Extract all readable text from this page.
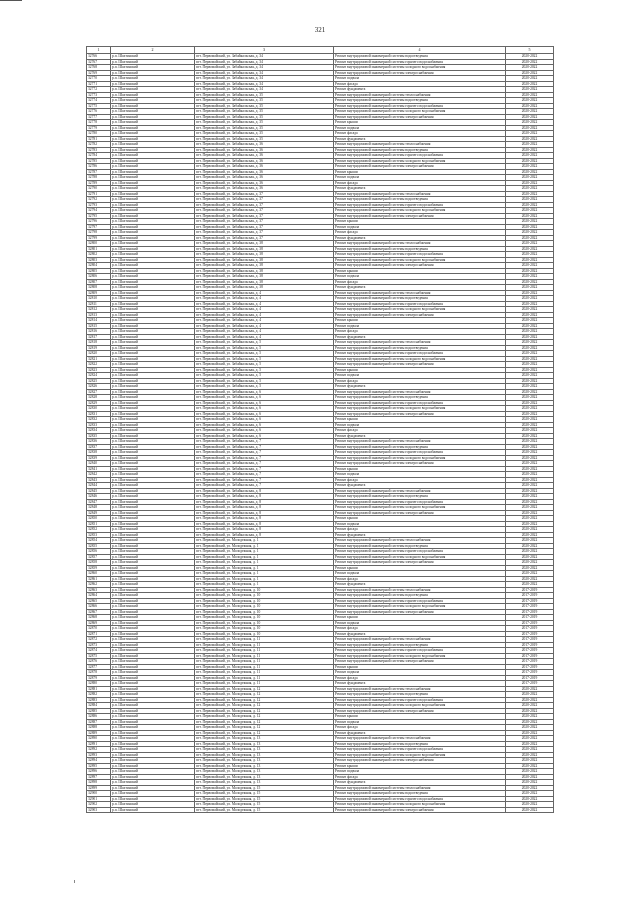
321
1	2	3	4	5
32766	р.п. Шахтинский	пгт. Первомайский, ул. Забайкальская, д. 34	Ремонт внутридомовой инженерной системы водоотведения	2020-2022
32767	р.п. Шахтинский	пгт. Первомайский, ул. Забайкальская, д. 34	Ремонт внутридомовой инженерной системы горячего водоснабжения	2020-2022
32768	р.п. Шахтинский	пгт. Первомайский, ул. Забайкальская, д. 34	Ремонт внутридомовой инженерной системы холодного водоснабжения	2020-2022
32769	р.п. Шахтинский	пгт. Первомайский, ул. Забайкальская, д. 34	Ремонт внутридомовой инженерной системы электроснабжения	2020-2022
32770	р.п. Шахтинский	пгт. Первомайский, ул. Забайкальская, д. 34	Ремонт подвала	2020-2022
32771	р.п. Шахтинский	пгт. Первомайский, ул. Забайкальская, д. 34	Ремонт фасада	2020-2022
32772	р.п. Шахтинский	пгт. Первомайский, ул. Забайкальская, д. 34	Ремонт фундамента	2020-2022
32773	р.п. Шахтинский	пгт. Первомайский, ул. Забайкальская, д. 35	Ремонт внутридомовой инженерной системы теплоснабжения	2020-2022
32774	р.п. Шахтинский	пгт. Первомайский, ул. Забайкальская, д. 35	Ремонт внутридомовой инженерной системы водоотведения	2020-2022
32775	р.п. Шахтинский	пгт. Первомайский, ул. Забайкальская, д. 35	Ремонт внутридомовой инженерной системы горячего водоснабжения	2020-2022
32776	р.п. Шахтинский	пгт. Первомайский, ул. Забайкальская, д. 35	Ремонт внутридомовой инженерной системы холодного водоснабжения	2020-2022
32777	р.п. Шахтинский	пгт. Первомайский, ул. Забайкальская, д. 35	Ремонт внутридомовой инженерной системы электроснабжения	2020-2022
32778	р.п. Шахтинский	пгт. Первомайский, ул. Забайкальская, д. 35	Ремонт крыши	2020-2022
32779	р.п. Шахтинский	пгт. Первомайский, ул. Забайкальская, д. 35	Ремонт подвала	2020-2022
32780	р.п. Шахтинский	пгт. Первомайский, ул. Забайкальская, д. 35	Ремонт фасада	2020-2022
32781	р.п. Шахтинский	пгт. Первомайский, ул. Забайкальская, д. 35	Ремонт фундамента	2020-2022
32782	р.п. Шахтинский	пгт. Первомайский, ул. Забайкальская, д. 36	Ремонт внутридомовой инженерной системы теплоснабжения	2020-2022
32783	р.п. Шахтинский	пгт. Первомайский, ул. Забайкальская, д. 36	Ремонт внутридомовой инженерной системы водоотведения	2020-2022
32784	р.п. Шахтинский	пгт. Первомайский, ул. Забайкальская, д. 36	Ремонт внутридомовой инженерной системы горячего водоснабжения	2020-2022
32785	р.п. Шахтинский	пгт. Первомайский, ул. Забайкальская, д. 36	Ремонт внутридомовой инженерной системы холодного водоснабжения	2020-2022
32786	р.п. Шахтинский	пгт. Первомайский, ул. Забайкальская, д. 36	Ремонт внутридомовой инженерной системы электроснабжения	2020-2022
32787	р.п. Шахтинский	пгт. Первомайский, ул. Забайкальская, д. 36	Ремонт крыши	2020-2022
32788	р.п. Шахтинский	пгт. Первомайский, ул. Забайкальская, д. 36	Ремонт подвала	2020-2022
32789	р.п. Шахтинский	пгт. Первомайский, ул. Забайкальская, д. 36	Ремонт фасада	2020-2022
32790	р.п. Шахтинский	пгт. Первомайский, ул. Забайкальская, д. 36	Ремонт фундамента	2020-2022
32791	р.п. Шахтинский	пгт. Первомайский, ул. Забайкальская, д. 37	Ремонт внутридомовой инженерной системы теплоснабжения	2020-2022
32792	р.п. Шахтинский	пгт. Первомайский, ул. Забайкальская, д. 37	Ремонт внутридомовой инженерной системы водоотведения	2020-2022
32793	р.п. Шахтинский	пгт. Первомайский, ул. Забайкальская, д. 37	Ремонт внутридомовой инженерной системы горячего водоснабжения	2020-2022
32794	р.п. Шахтинский	пгт. Первомайский, ул. Забайкальская, д. 37	Ремонт внутридомовой инженерной системы холодного водоснабжения	2020-2022
32795	р.п. Шахтинский	пгт. Первомайский, ул. Забайкальская, д. 37	Ремонт внутридомовой инженерной системы электроснабжения	2020-2022
32796	р.п. Шахтинский	пгт. Первомайский, ул. Забайкальская, д. 37	Ремонт крыши	2020-2022
32797	р.п. Шахтинский	пгт. Первомайский, ул. Забайкальская, д. 37	Ремонт подвала	2020-2022
32798	р.п. Шахтинский	пгт. Первомайский, ул. Забайкальская, д. 37	Ремонт фасада	2020-2022
32799	р.п. Шахтинский	пгт. Первомайский, ул. Забайкальская, д. 37	Ремонт фундамента	2020-2022
32800	р.п. Шахтинский	пгт. Первомайский, ул. Забайкальская, д. 38	Ремонт внутридомовой инженерной системы теплоснабжения	2020-2022
32801	р.п. Шахтинский	пгт. Первомайский, ул. Забайкальская, д. 38	Ремонт внутридомовой инженерной системы водоотведения	2020-2022
32802	р.п. Шахтинский	пгт. Первомайский, ул. Забайкальская, д. 38	Ремонт внутридомовой инженерной системы горячего водоснабжения	2020-2022
32803	р.п. Шахтинский	пгт. Первомайский, ул. Забайкальская, д. 38	Ремонт внутридомовой инженерной системы холодного водоснабжения	2020-2022
32804	р.п. Шахтинский	пгт. Первомайский, ул. Забайкальская, д. 38	Ремонт внутридомовой инженерной системы электроснабжения	2020-2022
32805	р.п. Шахтинский	пгт. Первомайский, ул. Забайкальская, д. 38	Ремонт крыши	2020-2022
32806	р.п. Шахтинский	пгт. Первомайский, ул. Забайкальская, д. 38	Ремонт подвала	2020-2022
32807	р.п. Шахтинский	пгт. Первомайский, ул. Забайкальская, д. 38	Ремонт фасада	2020-2022
32808	р.п. Шахтинский	пгт. Первомайский, ул. Забайкальская, д. 38	Ремонт фундамента	2020-2022
32809	р.п. Шахтинский	пгт. Первомайский, ул. Забайкальская, д. 4	Ремонт внутридомовой инженерной системы теплоснабжения	2020-2022
32810	р.п. Шахтинский	пгт. Первомайский, ул. Забайкальская, д. 4	Ремонт внутридомовой инженерной системы водоотведения	2020-2022
32811	р.п. Шахтинский	пгт. Первомайский, ул. Забайкальская, д. 4	Ремонт внутридомовой инженерной системы горячего водоснабжения	2020-2022
32812	р.п. Шахтинский	пгт. Первомайский, ул. Забайкальская, д. 4	Ремонт внутридомовой инженерной системы холодного водоснабжения	2020-2022
32813	р.п. Шахтинский	пгт. Первомайский, ул. Забайкальская, д. 4	Ремонт внутридомовой инженерной системы электроснабжения	2020-2022
32814	р.п. Шахтинский	пгт. Первомайский, ул. Забайкальская, д. 4	Ремонт крыши	2020-2022
32815	р.п. Шахтинский	пгт. Первомайский, ул. Забайкальская, д. 4	Ремонт подвала	2020-2022
32816	р.п. Шахтинский	пгт. Первомайский, ул. Забайкальская, д. 4	Ремонт фасада	2020-2022
32817	р.п. Шахтинский	пгт. Первомайский, ул. Забайкальская, д. 4	Ремонт фундамента	2020-2022
32818	р.п. Шахтинский	пгт. Первомайский, ул. Забайкальская, д. 5	Ремонт внутридомовой инженерной системы теплоснабжения	2020-2022
32819	р.п. Шахтинский	пгт. Первомайский, ул. Забайкальская, д. 5	Ремонт внутридомовой инженерной системы водоотведения	2020-2022
32820	р.п. Шахтинский	пгт. Первомайский, ул. Забайкальская, д. 5	Ремонт внутридомовой инженерной системы горячего водоснабжения	2020-2022
32821	р.п. Шахтинский	пгт. Первомайский, ул. Забайкальская, д. 5	Ремонт внутридомовой инженерной системы холодного водоснабжения	2020-2022
32822	р.п. Шахтинский	пгт. Первомайский, ул. Забайкальская, д. 5	Ремонт внутридомовой инженерной системы электроснабжения	2020-2022
32823	р.п. Шахтинский	пгт. Первомайский, ул. Забайкальская, д. 5	Ремонт крыши	2020-2022
32824	р.п. Шахтинский	пгт. Первомайский, ул. Забайкальская, д. 5	Ремонт подвала	2020-2022
32825	р.п. Шахтинский	пгт. Первомайский, ул. Забайкальская, д. 5	Ремонт фасада	2020-2022
32826	р.п. Шахтинский	пгт. Первомайский, ул. Забайкальская, д. 5	Ремонт фундамента	2020-2022
32827	р.п. Шахтинский	пгт. Первомайский, ул. Забайкальская, д. 6	Ремонт внутридомовой инженерной системы теплоснабжения	2020-2022
32828	р.п. Шахтинский	пгт. Первомайский, ул. Забайкальская, д. 6	Ремонт внутридомовой инженерной системы водоотведения	2020-2022
32829	р.п. Шахтинский	пгт. Первомайский, ул. Забайкальская, д. 6	Ремонт внутридомовой инженерной системы горячего водоснабжения	2020-2022
32830	р.п. Шахтинский	пгт. Первомайский, ул. Забайкальская, д. 6	Ремонт внутридомовой инженерной системы холодного водоснабжения	2020-2022
32831	р.п. Шахтинский	пгт. Первомайский, ул. Забайкальская, д. 6	Ремонт внутридомовой инженерной системы электроснабжения	2020-2022
32832	р.п. Шахтинский	пгт. Первомайский, ул. Забайкальская, д. 6	Ремонт крыши	2020-2022
32833	р.п. Шахтинский	пгт. Первомайский, ул. Забайкальская, д. 6	Ремонт подвала	2020-2022
32834	р.п. Шахтинский	пгт. Первомайский, ул. Забайкальская, д. 6	Ремонт фасада	2020-2022
32835	р.п. Шахтинский	пгт. Первомайский, ул. Забайкальская, д. 6	Ремонт фундамента	2020-2022
32836	р.п. Шахтинский	пгт. Первомайский, ул. Забайкальская, д. 7	Ремонт внутридомовой инженерной системы теплоснабжения	2020-2022
32837	р.п. Шахтинский	пгт. Первомайский, ул. Забайкальская, д. 7	Ремонт внутридомовой инженерной системы водоотведения	2020-2022
32838	р.п. Шахтинский	пгт. Первомайский, ул. Забайкальская, д. 7	Ремонт внутридомовой инженерной системы горячего водоснабжения	2020-2022
32839	р.п. Шахтинский	пгт. Первомайский, ул. Забайкальская, д. 7	Ремонт внутридомовой инженерной системы холодного водоснабжения	2020-2022
32840	р.п. Шахтинский	пгт. Первомайский, ул. Забайкальская, д. 7	Ремонт внутридомовой инженерной системы электроснабжения	2020-2022
32841	р.п. Шахтинский	пгт. Первомайский, ул. Забайкальская, д. 7	Ремонт крыши	2020-2022
32842	р.п. Шахтинский	пгт. Первомайский, ул. Забайкальская, д. 7	Ремонт подвала	2020-2022
32843	р.п. Шахтинский	пгт. Первомайский, ул. Забайкальская, д. 7	Ремонт фасада	2020-2022
32844	р.п. Шахтинский	пгт. Первомайский, ул. Забайкальская, д. 7	Ремонт фундамента	2020-2022
32845	р.п. Шахтинский	пгт. Первомайский, ул. Забайкальская, д. 8	Ремонт внутридомовой инженерной системы теплоснабжения	2020-2022
32846	р.п. Шахтинский	пгт. Первомайский, ул. Забайкальская, д. 8	Ремонт внутридомовой инженерной системы водоотведения	2020-2022
32847	р.п. Шахтинский	пгт. Первомайский, ул. Забайкальская, д. 8	Ремонт внутридомовой инженерной системы горячего водоснабжения	2020-2022
32848	р.п. Шахтинский	пгт. Первомайский, ул. Забайкальская, д. 8	Ремонт внутридомовой инженерной системы холодного водоснабжения	2020-2022
32849	р.п. Шахтинский	пгт. Первомайский, ул. Забайкальская, д. 8	Ремонт внутридомовой инженерной системы электроснабжения	2020-2022
32850	р.п. Шахтинский	пгт. Первомайский, ул. Забайкальская, д. 8	Ремонт крыши	2020-2022
32851	р.п. Шахтинский	пгт. Первомайский, ул. Забайкальская, д. 8	Ремонт подвала	2020-2022
32852	р.п. Шахтинский	пгт. Первомайский, ул. Забайкальская, д. 8	Ремонт фасада	2020-2022
32853	р.п. Шахтинский	пгт. Первомайский, ул. Забайкальская, д. 8	Ремонт фундамента	2020-2022
32854	р.п. Шахтинский	пгт. Первомайский, ул. Молодежная, д. 1	Ремонт внутридомовой инженерной системы теплоснабжения	2020-2022
32855	р.п. Шахтинский	пгт. Первомайский, ул. Молодежная, д. 1	Ремонт внутридомовой инженерной системы водоотведения	2020-2022
32856	р.п. Шахтинский	пгт. Первомайский, ул. Молодежная, д. 1	Ремонт внутридомовой инженерной системы горячего водоснабжения	2020-2022
32857	р.п. Шахтинский	пгт. Первомайский, ул. Молодежная, д. 1	Ремонт внутридомовой инженерной системы холодного водоснабжения	2020-2022
32858	р.п. Шахтинский	пгт. Первомайский, ул. Молодежная, д. 1	Ремонт внутридомовой инженерной системы электроснабжения	2020-2022
32859	р.п. Шахтинский	пгт. Первомайский, ул. Молодежная, д. 1	Ремонт крыши	2020-2022
32860	р.п. Шахтинский	пгт. Первомайский, ул. Молодежная, д. 1	Ремонт подвала	2020-2022
32861	р.п. Шахтинский	пгт. Первомайский, ул. Молодежная, д. 1	Ремонт фасада	2020-2022
32862	р.п. Шахтинский	пгт. Первомайский, ул. Молодежная, д. 1	Ремонт фундамента	2020-2022
32863	р.п. Шахтинский	пгт. Первомайский, ул. Молодежная, д. 10	Ремонт внутридомовой инженерной системы теплоснабжения	2017-2019
32864	р.п. Шахтинский	пгт. Первомайский, ул. Молодежная, д. 10	Ремонт внутридомовой инженерной системы водоотведения	2017-2019
32865	р.п. Шахтинский	пгт. Первомайский, ул. Молодежная, д. 10	Ремонт внутридомовой инженерной системы горячего водоснабжения	2017-2019
32866	р.п. Шахтинский	пгт. Первомайский, ул. Молодежная, д. 10	Ремонт внутридомовой инженерной системы холодного водоснабжения	2017-2019
32867	р.п. Шахтинский	пгт. Первомайский, ул. Молодежная, д. 10	Ремонт внутридомовой инженерной системы электроснабжения	2017-2019
32868	р.п. Шахтинский	пгт. Первомайский, ул. Молодежная, д. 10	Ремонт крыши	2017-2019
32869	р.п. Шахтинский	пгт. Первомайский, ул. Молодежная, д. 10	Ремонт подвала	2017-2019
32870	р.п. Шахтинский	пгт. Первомайский, ул. Молодежная, д. 10	Ремонт фасада	2017-2019
32871	р.п. Шахтинский	пгт. Первомайский, ул. Молодежная, д. 10	Ремонт фундамента	2017-2019
32872	р.п. Шахтинский	пгт. Первомайский, ул. Молодежная, д. 11	Ремонт внутридомовой инженерной системы теплоснабжения	2017-2019
32873	р.п. Шахтинский	пгт. Первомайский, ул. Молодежная, д. 11	Ремонт внутридомовой инженерной системы водоотведения	2017-2019
32874	р.п. Шахтинский	пгт. Первомайский, ул. Молодежная, д. 11	Ремонт внутридомовой инженерной системы горячего водоснабжения	2017-2019
32875	р.п. Шахтинский	пгт. Первомайский, ул. Молодежная, д. 11	Ремонт внутридомовой инженерной системы холодного водоснабжения	2017-2019
32876	р.п. Шахтинский	пгт. Первомайский, ул. Молодежная, д. 11	Ремонт внутридомовой инженерной системы электроснабжения	2017-2019
32877	р.п. Шахтинский	пгт. Первомайский, ул. Молодежная, д. 11	Ремонт крыши	2017-2019
32878	р.п. Шахтинский	пгт. Первомайский, ул. Молодежная, д. 11	Ремонт подвала	2017-2019
32879	р.п. Шахтинский	пгт. Первомайский, ул. Молодежная, д. 11	Ремонт фасада	2017-2019
32880	р.п. Шахтинский	пгт. Первомайский, ул. Молодежная, д. 11	Ремонт фундамента	2017-2019
32881	р.п. Шахтинский	пгт. Первомайский, ул. Молодежная, д. 12	Ремонт внутридомовой инженерной системы теплоснабжения	2020-2022
32882	р.п. Шахтинский	пгт. Первомайский, ул. Молодежная, д. 12	Ремонт внутридомовой инженерной системы водоотведения	2020-2022
32883	р.п. Шахтинский	пгт. Первомайский, ул. Молодежная, д. 12	Ремонт внутридомовой инженерной системы горячего водоснабжения	2020-2022
32884	р.п. Шахтинский	пгт. Первомайский, ул. Молодежная, д. 12	Ремонт внутридомовой инженерной системы холодного водоснабжения	2020-2022
32885	р.п. Шахтинский	пгт. Первомайский, ул. Молодежная, д. 12	Ремонт внутридомовой инженерной системы электроснабжения	2020-2022
32886	р.п. Шахтинский	пгт. Первомайский, ул. Молодежная, д. 12	Ремонт крыши	2020-2022
32887	р.п. Шахтинский	пгт. Первомайский, ул. Молодежная, д. 12	Ремонт подвала	2020-2022
32888	р.п. Шахтинский	пгт. Первомайский, ул. Молодежная, д. 12	Ремонт фасада	2020-2022
32889	р.п. Шахтинский	пгт. Первомайский, ул. Молодежная, д. 12	Ремонт фундамента	2020-2022
32890	р.п. Шахтинский	пгт. Первомайский, ул. Молодежная, д. 13	Ремонт внутридомовой инженерной системы теплоснабжения	2020-2022
32891	р.п. Шахтинский	пгт. Первомайский, ул. Молодежная, д. 13	Ремонт внутридомовой инженерной системы водоотведения	2020-2022
32892	р.п. Шахтинский	пгт. Первомайский, ул. Молодежная, д. 13	Ремонт внутридомовой инженерной системы горячего водоснабжения	2020-2022
32893	р.п. Шахтинский	пгт. Первомайский, ул. Молодежная, д. 13	Ремонт внутридомовой инженерной системы холодного водоснабжения	2020-2022
32894	р.п. Шахтинский	пгт. Первомайский, ул. Молодежная, д. 13	Ремонт внутридомовой инженерной системы электроснабжения	2020-2022
32895	р.п. Шахтинский	пгт. Первомайский, ул. Молодежная, д. 13	Ремонт крыши	2020-2022
32896	р.п. Шахтинский	пгт. Первомайский, ул. Молодежная, д. 13	Ремонт подвала	2020-2022
32897	р.п. Шахтинский	пгт. Первомайский, ул. Молодежная, д. 13	Ремонт фасада	2020-2022
32898	р.п. Шахтинский	пгт. Первомайский, ул. Молодежная, д. 13	Ремонт фундамента	2020-2022
32899	р.п. Шахтинский	пгт. Первомайский, ул. Молодежная, д. 15	Ремонт внутридомовой инженерной системы теплоснабжения	2020-2022
32900	р.п. Шахтинский	пгт. Первомайский, ул. Молодежная, д. 15	Ремонт внутридомовой инженерной системы водоотведения	2020-2022
32901	р.п. Шахтинский	пгт. Первомайский, ул. Молодежная, д. 15	Ремонт внутридомовой инженерной системы горячего водоснабжения	2020-2022
32902	р.п. Шахтинский	пгт. Первомайский, ул. Молодежная, д. 15	Ремонт внутридомовой инженерной системы холодного водоснабжения	2020-2022
32903	р.п. Шахтинский	пгт. Первомайский, ул. Молодежная, д. 15	Ремонт внутридомовой инженерной системы электроснабжения	2020-2022
